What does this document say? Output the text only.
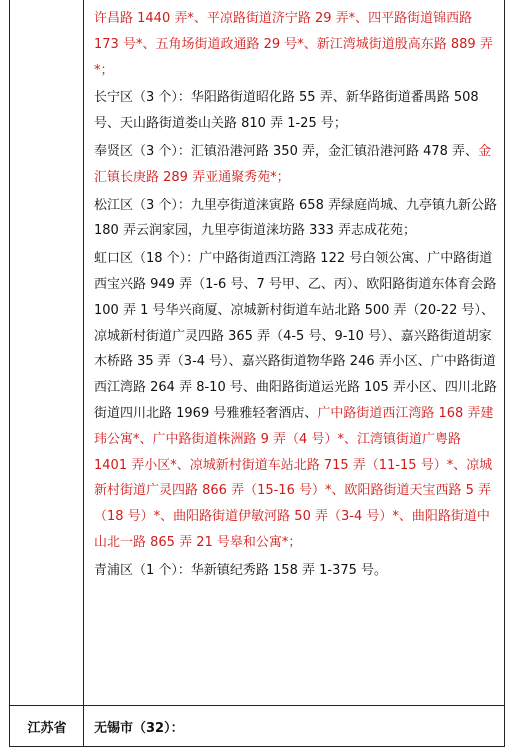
许昌路 1440 弄*、平凉路街道济宁路 29 弄*、四平路街道锦西路 173 号*、五角场街道政通路 29 号*、新江湾城街道殷高东路 889 弄*；

长宁区（3 个）：华阳路街道昭化路 55 弄、新华路街道番禺路 508 号、天山路街道娄山关路 810 弄 1-25 号；

奉贤区（3 个）：汇镇沿港河路 350 弄，金汇镇沿港河路 478 弄、金汇镇长庚路 289 弄亚通聚秀苑*；

松江区（3 个）：九里亭街道涞寅路 658 弄绿庭尚城、九亭镇九新公路 180 弄云润家园，九里亭街道涞坊路 333 弄志成花苑；

虹口区（18 个）：广中路街道西江湾路 122 号白领公寓、广中路街道西宝兴路 949 弄（1-6 号、7 号甲、乙、丙）、欧阳路街道东体育会路 100 弄 1 号华兴商厦、凉城新村街道车站北路 500 弄（20-22 号）、凉城新村街道广灵四路 365 弄（4-5 号、9-10 号）、嘉兴路街道胡家木桥路 35 弄（3-4 号）、嘉兴路街道物华路 246 弄小区、广中路街道西江湾路 264 弄 8-10 号、曲阳路街道运光路 105 弄小区、四川北路街道四川北路 1969 号雅雅轻奢酒店、广中路街道西江湾路 168 弄建玮公寓*、广中路街道株洲路 9 弄（4 号）*、江湾镇街道广粤路 1401 弄小区*、凉城新村街道车站北路 715 弄（11-15 号）*、凉城新村街道广灵四路 866 弄（15-16 号）*、欧阳路街道天宝西路 5 弄（18 号）*、曲阳路街道伊敏河路 50 弄（3-4 号）*、曲阳路街道中山北一路 865 弄 21 号皋和公寓*；

青浦区（1 个）：华新镇纪秀路 158 弄 1-375 号。

江苏省	无锡市（32）：
